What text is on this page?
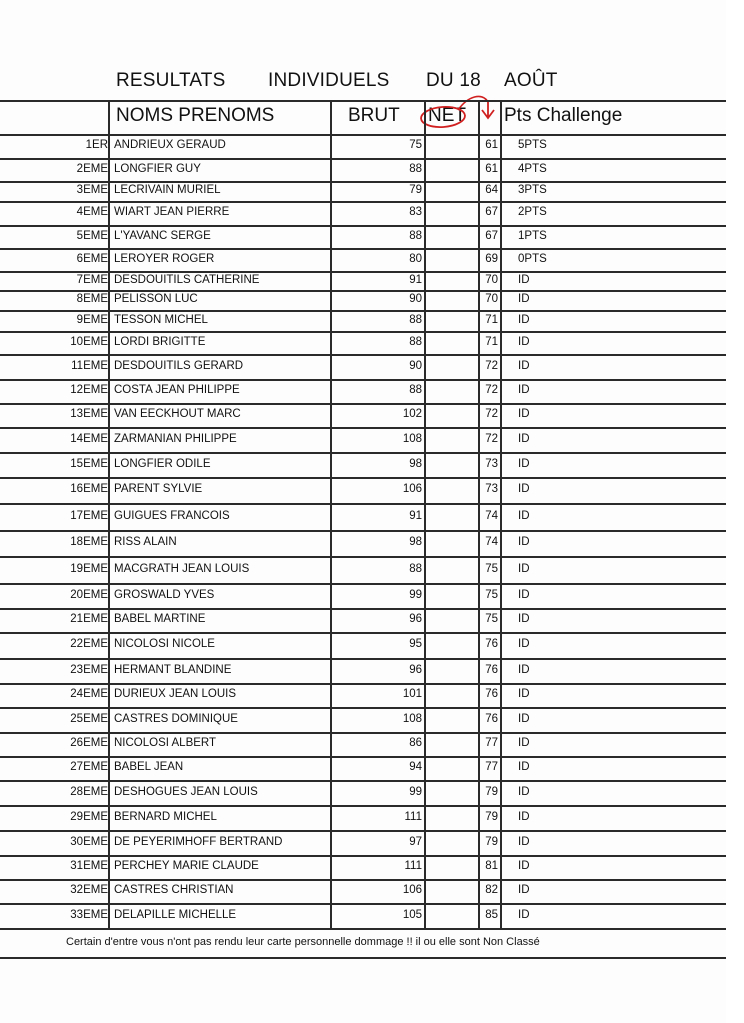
RESULTATS INDIVIDUELS DU 18 AOÛT
NOMS PRENOMS	BRUT NET Pts Challenge
1ER ANDRIEUX GERAUD	75	61 5PTS
2EME LONGFIER GUY	88	61 4PTS
3EME LECRIVAIN MURIEL	79	64 3PTS
4EME WIART JEAN PIERRE	83	67 2PTS
5EME L'YAVANC SERGE	88	67 1PTS
6EME LEROYER ROGER	80	69 0PTS
7EME DESDOUITILS CATHERINE	91	70 ID
8EME PELISSON LUC	90	70 ID
9EME TESSON MICHEL	88	71 ID
10EME LORDI BRIGITTE	88	71 ID
11EME DESDOUITILS GERARD	90	72 ID
12EME COSTA JEAN PHILIPPE	88	72 ID
13EME VAN EECKHOUT MARC	102	72 ID
14EME ZARMANIAN PHILIPPE	108	72 ID
15EME LONGFIER ODILE	98	73 ID
16EME PARENT SYLVIE	106	73 ID
17EME GUIGUES FRANCOIS	91	74 ID
18EME RISS ALAIN	98	74 ID
19EME MACGRATH JEAN LOUIS	88	75 ID
20EME GROSWALD YVES	99	75 ID
21EME BABEL MARTINE	96	75 ID
22EME NICOLOSI NICOLE	95	76 ID
23EME HERMANT BLANDINE	96	76 ID
24EME DURIEUX JEAN LOUIS	101	76 ID
25EME CASTRES DOMINIQUE	108	76 ID
26EME NICOLOSI ALBERT	86	77 ID
27EME BABEL JEAN	94	77 ID
28EME DESHOGUES JEAN LOUIS	99	79 ID
29EME BERNARD MICHEL	111	79 ID
30EME DE PEYERIMHOFF BERTRAND	97	79 ID
31EME PERCHEY MARIE CLAUDE	111	81 ID
32EME CASTRES CHRISTIAN	106	82 ID
33EME DELAPILLE MICHELLE	105	85 ID
Certain d'entre vous n'ont pas rendu leur carte personnelle dommage !! il ou elle sont Non Classé
